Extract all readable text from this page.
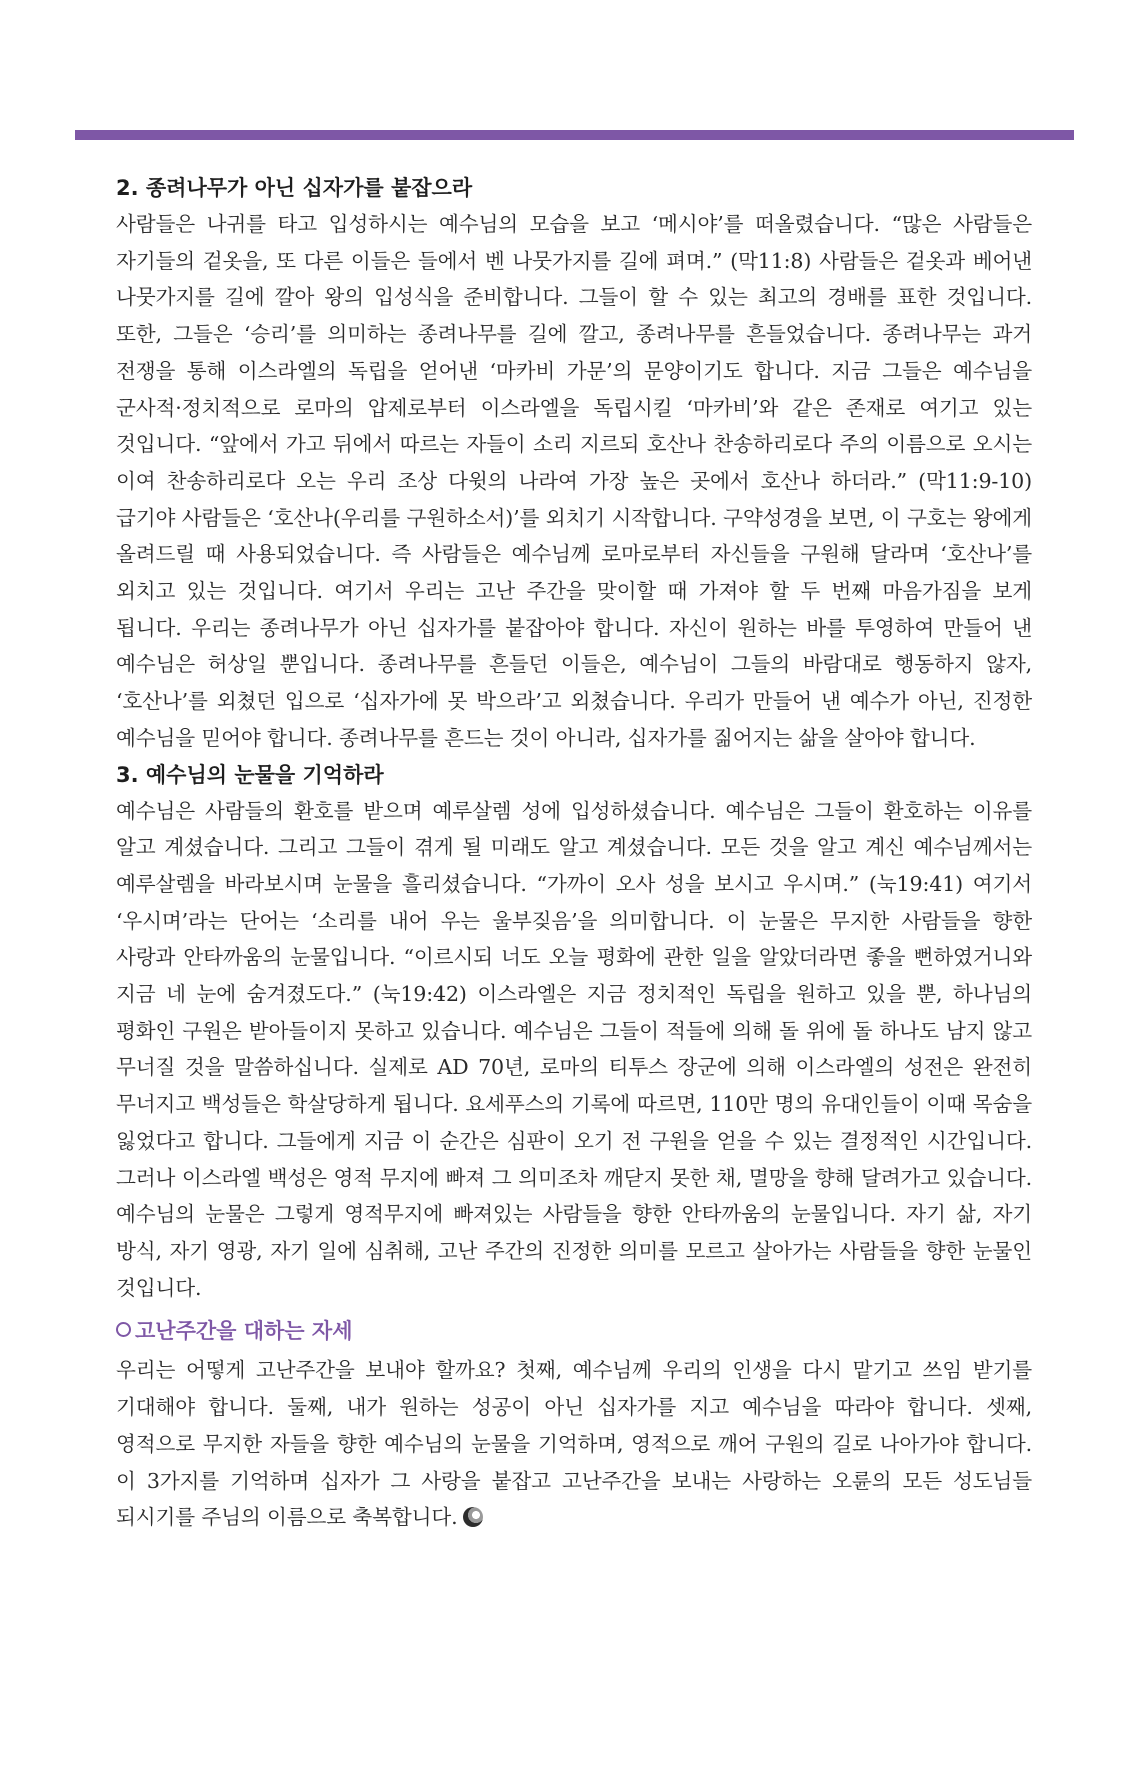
2. 종려나무가 아닌 십자가를 붙잡으라

사람들은 나귀를 타고 입성하시는 예수님의 모습을 보고 ‘메시야’를 떠올렸습니다. “많은 사람들은 자기들의 겉옷을, 또 다른 이들은 들에서 벤 나뭇가지를 길에 펴며.” (막11:8) 사람들은 겉옷과 베어낸 나뭇가지를 길에 깔아 왕의 입성식을 준비합니다. 그들이 할 수 있는 최고의 경배를 표한 것입니다. 또한, 그들은 ‘승리’를 의미하는 종려나무를 길에 깔고, 종려나무를 흔들었습니다. 종려나무는 과거 전쟁을 통해 이스라엘의 독립을 얻어낸 ‘마카비 가문’의 문양이기도 합니다. 지금 그들은 예수님을 군사적·정치적으로 로마의 압제로부터 이스라엘을 독립시킬 ‘마카비’와 같은 존재로 여기고 있는 것입니다. “앞에서 가고 뒤에서 따르는 자들이 소리 지르되 호산나 찬송하리로다 주의 이름으로 오시는 이여 찬송하리로다 오는 우리 조상 다윗의 나라여 가장 높은 곳에서 호산나 하더라.” (막11:9-10) 급기야 사람들은 ‘호산나(우리를 구원하소서)’를 외치기 시작합니다. 구약성경을 보면, 이 구호는 왕에게 올려드릴 때 사용되었습니다. 즉 사람들은 예수님께 로마로부터 자신들을 구원해 달라며 ‘호산나’를 외치고 있는 것입니다. 여기서 우리는 고난 주간을 맞이할 때 가져야 할 두 번째 마음가짐을 보게 됩니다. 우리는 종려나무가 아닌 십자가를 붙잡아야 합니다. 자신이 원하는 바를 투영하여 만들어 낸 예수님은 허상일 뿐입니다. 종려나무를 흔들던 이들은, 예수님이 그들의 바람대로 행동하지 않자, ‘호산나’를 외쳤던 입으로 ‘십자가에 못 박으라’고 외쳤습니다. 우리가 만들어 낸 예수가 아닌, 진정한 예수님을 믿어야 합니다. 종려나무를 흔드는 것이 아니라, 십자가를 짊어지는 삶을 살아야 합니다.

3. 예수님의 눈물을 기억하라

예수님은 사람들의 환호를 받으며 예루살렘 성에 입성하셨습니다. 예수님은 그들이 환호하는 이유를 알고 계셨습니다. 그리고 그들이 겪게 될 미래도 알고 계셨습니다. 모든 것을 알고 계신 예수님께서는 예루살렘을 바라보시며 눈물을 흘리셨습니다. “가까이 오사 성을 보시고 우시며.” (눅19:41) 여기서 ‘우시며’라는 단어는 ‘소리를 내어 우는 울부짖음’을 의미합니다. 이 눈물은 무지한 사람들을 향한 사랑과 안타까움의 눈물입니다. “이르시되 너도 오늘 평화에 관한 일을 알았더라면 좋을 뻔하였거니와 지금 네 눈에 숨겨졌도다.” (눅19:42) 이스라엘은 지금 정치적인 독립을 원하고 있을 뿐, 하나님의 평화인 구원은 받아들이지 못하고 있습니다. 예수님은 그들이 적들에 의해 돌 위에 돌 하나도 남지 않고 무너질 것을 말씀하십니다. 실제로 AD 70년, 로마의 티투스 장군에 의해 이스라엘의 성전은 완전히 무너지고 백성들은 학살당하게 됩니다. 요세푸스의 기록에 따르면, 110만 명의 유대인들이 이때 목숨을 잃었다고 합니다. 그들에게 지금 이 순간은 심판이 오기 전 구원을 얻을 수 있는 결정적인 시간입니다. 그러나 이스라엘 백성은 영적 무지에 빠져 그 의미조차 깨닫지 못한 채, 멸망을 향해 달려가고 있습니다. 예수님의 눈물은 그렇게 영적무지에 빠져있는 사람들을 향한 안타까움의 눈물입니다. 자기 삶, 자기 방식, 자기 영광, 자기 일에 심취해, 고난 주간의 진정한 의미를 모르고 살아가는 사람들을 향한 눈물인 것입니다.

고난주간을 대하는 자세

우리는 어떻게 고난주간을 보내야 할까요? 첫째, 예수님께 우리의 인생을 다시 맡기고 쓰임 받기를 기대해야 합니다. 둘째, 내가 원하는 성공이 아닌 십자가를 지고 예수님을 따라야 합니다. 셋째, 영적으로 무지한 자들을 향한 예수님의 눈물을 기억하며, 영적으로 깨어 구원의 길로 나아가야 합니다. 이 3가지를 기억하며 십자가 그 사랑을 붙잡고 고난주간을 보내는 사랑하는 오륜의 모든 성도님들 되시기를 주님의 이름으로 축복합니다.
